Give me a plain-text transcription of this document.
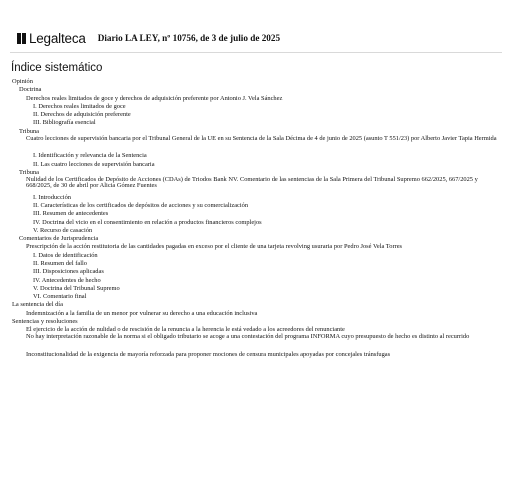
Legalteca Diario LA LEY, nº 10756, de 3 de julio de 2025
Índice sistemático
Opinión
Doctrina
Derechos reales limitados de goce y derechos de adquisición preferente por Antonio J. Vela Sánchez
I. Derechos reales limitados de goce
II. Derechos de adquisición preferente
III. Bibliografía esencial
Tribuna
Cuatro lecciones de supervisión bancaria por el Tribunal General de la UE en su Sentencia de la Sala Décima de 4 de junio de 2025 (asunto T 551/23) por Alberto Javier Tapia Hermida
I. Identificación y relevancia de la Sentencia
II. Las cuatro lecciones de supervisión bancaria
Tribuna
Nulidad de los Certificados de Depósito de Acciones (CDAs) de Triodos Bank NV. Comentario de las sentencias de la Sala Primera del Tribunal Supremo 662/2025, 667/2025 y 668/2025, de 30 de abril por Alicia Gómez Fuentes
I. Introducción
II. Características de los certificados de depósitos de acciones y su comercialización
III. Resumen de antecedentes
IV. Doctrina del vicio en el consentimiento en relación a productos financieros complejos
V. Recurso de casación
Comentarios de Jurisprudencia
Prescripción de la acción restitutoria de las cantidades pagadas en exceso por el cliente de una tarjeta revolving usuraria por Pedro José Vela Torres
I. Datos de identificación
II. Resumen del fallo
III. Disposiciones aplicadas
IV. Antecedentes de hecho
V. Doctrina del Tribunal Supremo
VI. Comentario final
La sentencia del día
Indemnización a la familia de un menor por vulnerar su derecho a una educación inclusiva
Sentencias y resoluciones
El ejercicio de la acción de nulidad o de rescisión de la renuncia a la herencia le está vedado a los acreedores del renunciante
No hay interpretación razonable de la norma si el obligado tributario se acoge a una contestación del programa INFORMA cuyo presupuesto de hecho es distinto al recurrido
Inconstitucionalidad de la exigencia de mayoría reforzada para proponer mociones de censura municipales apoyadas por concejales tránsfugas
